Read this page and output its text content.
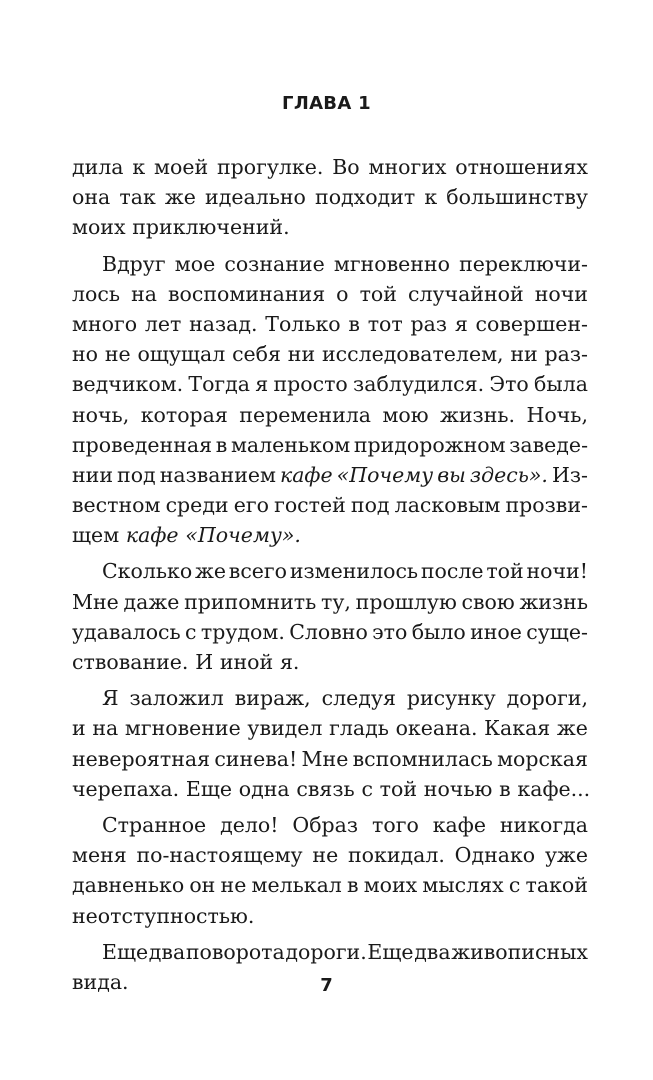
ГЛАВА 1
дила к моей прогулке. Во многих отношениях
она так же идеально подходит к большинству
моих приключений.
Вдруг мое сознание мгновенно переключи-
лось на воспоминания о той случайной ночи
много лет назад. Только в тот раз я совершен-
но не ощущал себя ни исследователем, ни раз-
ведчиком. Тогда я просто заблудился. Это была
ночь, которая переменила мою жизнь. Ночь,
проведенная в маленьком придорожном заведе-
нии под названием кафе «Почему вы здесь». Из-
вестном среди его гостей под ласковым прозви-
щем кафе «Почему».
Сколько же всего изменилось после той ночи!
Мне даже припомнить ту, прошлую свою жизнь
удавалось с трудом. Словно это было иное суще-
ствование. И иной я.
Я заложил вираж, следуя рисунку дороги,
и на мгновение увидел гладь океана. Какая же
невероятная синева! Мне вспомнилась морская
черепаха. Еще одна связь с той ночью в кафе...
Странное дело! Образ того кафе никогда
меня по-настоящему не покидал. Однако уже
давненько он не мелькал в моих мыслях с такой
неотступностью.
Еще два поворота дороги. Еще два живописных
вида.	7
